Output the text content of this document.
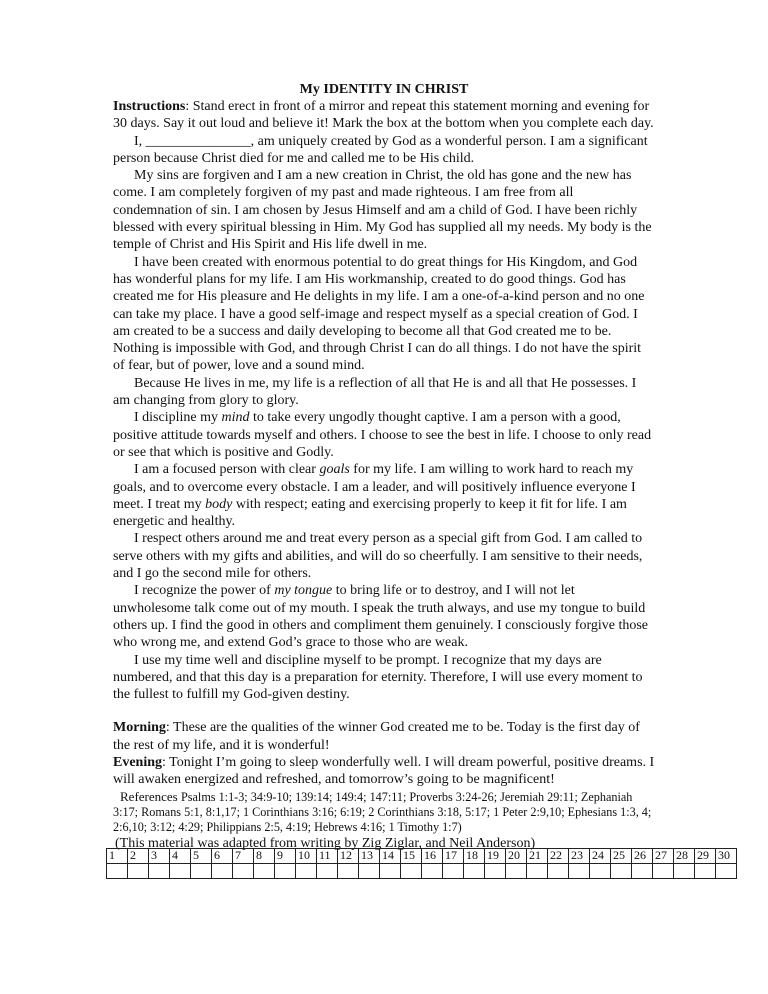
My IDENTITY IN CHRIST

Instructions: Stand erect in front of a mirror and repeat this statement morning and evening for 30 days. Say it out loud and believe it! Mark the box at the bottom when you complete each day.

I, _______________, am uniquely created by God as a wonderful person. I am a significant person because Christ died for me and called me to be His child.

My sins are forgiven and I am a new creation in Christ, the old has gone and the new has come. I am completely forgiven of my past and made righteous. I am free from all condemnation of sin. I am chosen by Jesus Himself and am a child of God. I have been richly blessed with every spiritual blessing in Him. My God has supplied all my needs. My body is the temple of Christ and His Spirit and His life dwell in me.

I have been created with enormous potential to do great things for His Kingdom, and God has wonderful plans for my life. I am His workmanship, created to do good things. God has created me for His pleasure and He delights in my life. I am a one-of-a-kind person and no one can take my place. I have a good self-image and respect myself as a special creation of God. I am created to be a success and daily developing to become all that God created me to be. Nothing is impossible with God, and through Christ I can do all things. I do not have the spirit of fear, but of power, love and a sound mind.

Because He lives in me, my life is a reflection of all that He is and all that He possesses. I am changing from glory to glory.

I discipline my mind to take every ungodly thought captive. I am a person with a good, positive attitude towards myself and others. I choose to see the best in life. I choose to only read or see that which is positive and Godly.

I am a focused person with clear goals for my life. I am willing to work hard to reach my goals, and to overcome every obstacle. I am a leader, and will positively influence everyone I meet. I treat my body with respect; eating and exercising properly to keep it fit for life. I am energetic and healthy.

I respect others around me and treat every person as a special gift from God. I am called to serve others with my gifts and abilities, and will do so cheerfully. I am sensitive to their needs, and I go the second mile for others.

I recognize the power of my tongue to bring life or to destroy, and I will not let unwholesome talk come out of my mouth. I speak the truth always, and use my tongue to build others up. I find the good in others and compliment them genuinely. I consciously forgive those who wrong me, and extend God’s grace to those who are weak.

I use my time well and discipline myself to be prompt. I recognize that my days are numbered, and that this day is a preparation for eternity. Therefore, I will use every moment to the fullest to fulfill my God-given destiny.

Morning: These are the qualities of the winner God created me to be. Today is the first day of the rest of my life, and it is wonderful!

Evening: Tonight I’m going to sleep wonderfully well. I will dream powerful, positive dreams. I will awaken energized and refreshed, and tomorrow’s going to be magnificent!

References Psalms 1:1-3; 34:9-10; 139:14; 149:4; 147:11; Proverbs 3:24-26; Jeremiah 29:11; Zephaniah 3:17; Romans 5:1, 8:1,17; 1 Corinthians 3:16; 6:19; 2 Corinthians 3:18, 5:17; 1 Peter 2:9,10; Ephesians 1:3, 4; 2:6,10; 3:12; 4:29; Philippians 2:5, 4:19; Hebrews 4:16; 1 Timothy 1:7)

(This material was adapted from writing by Zig Ziglar, and Neil Anderson)

1	2	3	4	5	6	7	8	9	10	11	12	13	14	15	16	17	18	19	20	21	22	23	24	25	26	27	28	29	30
